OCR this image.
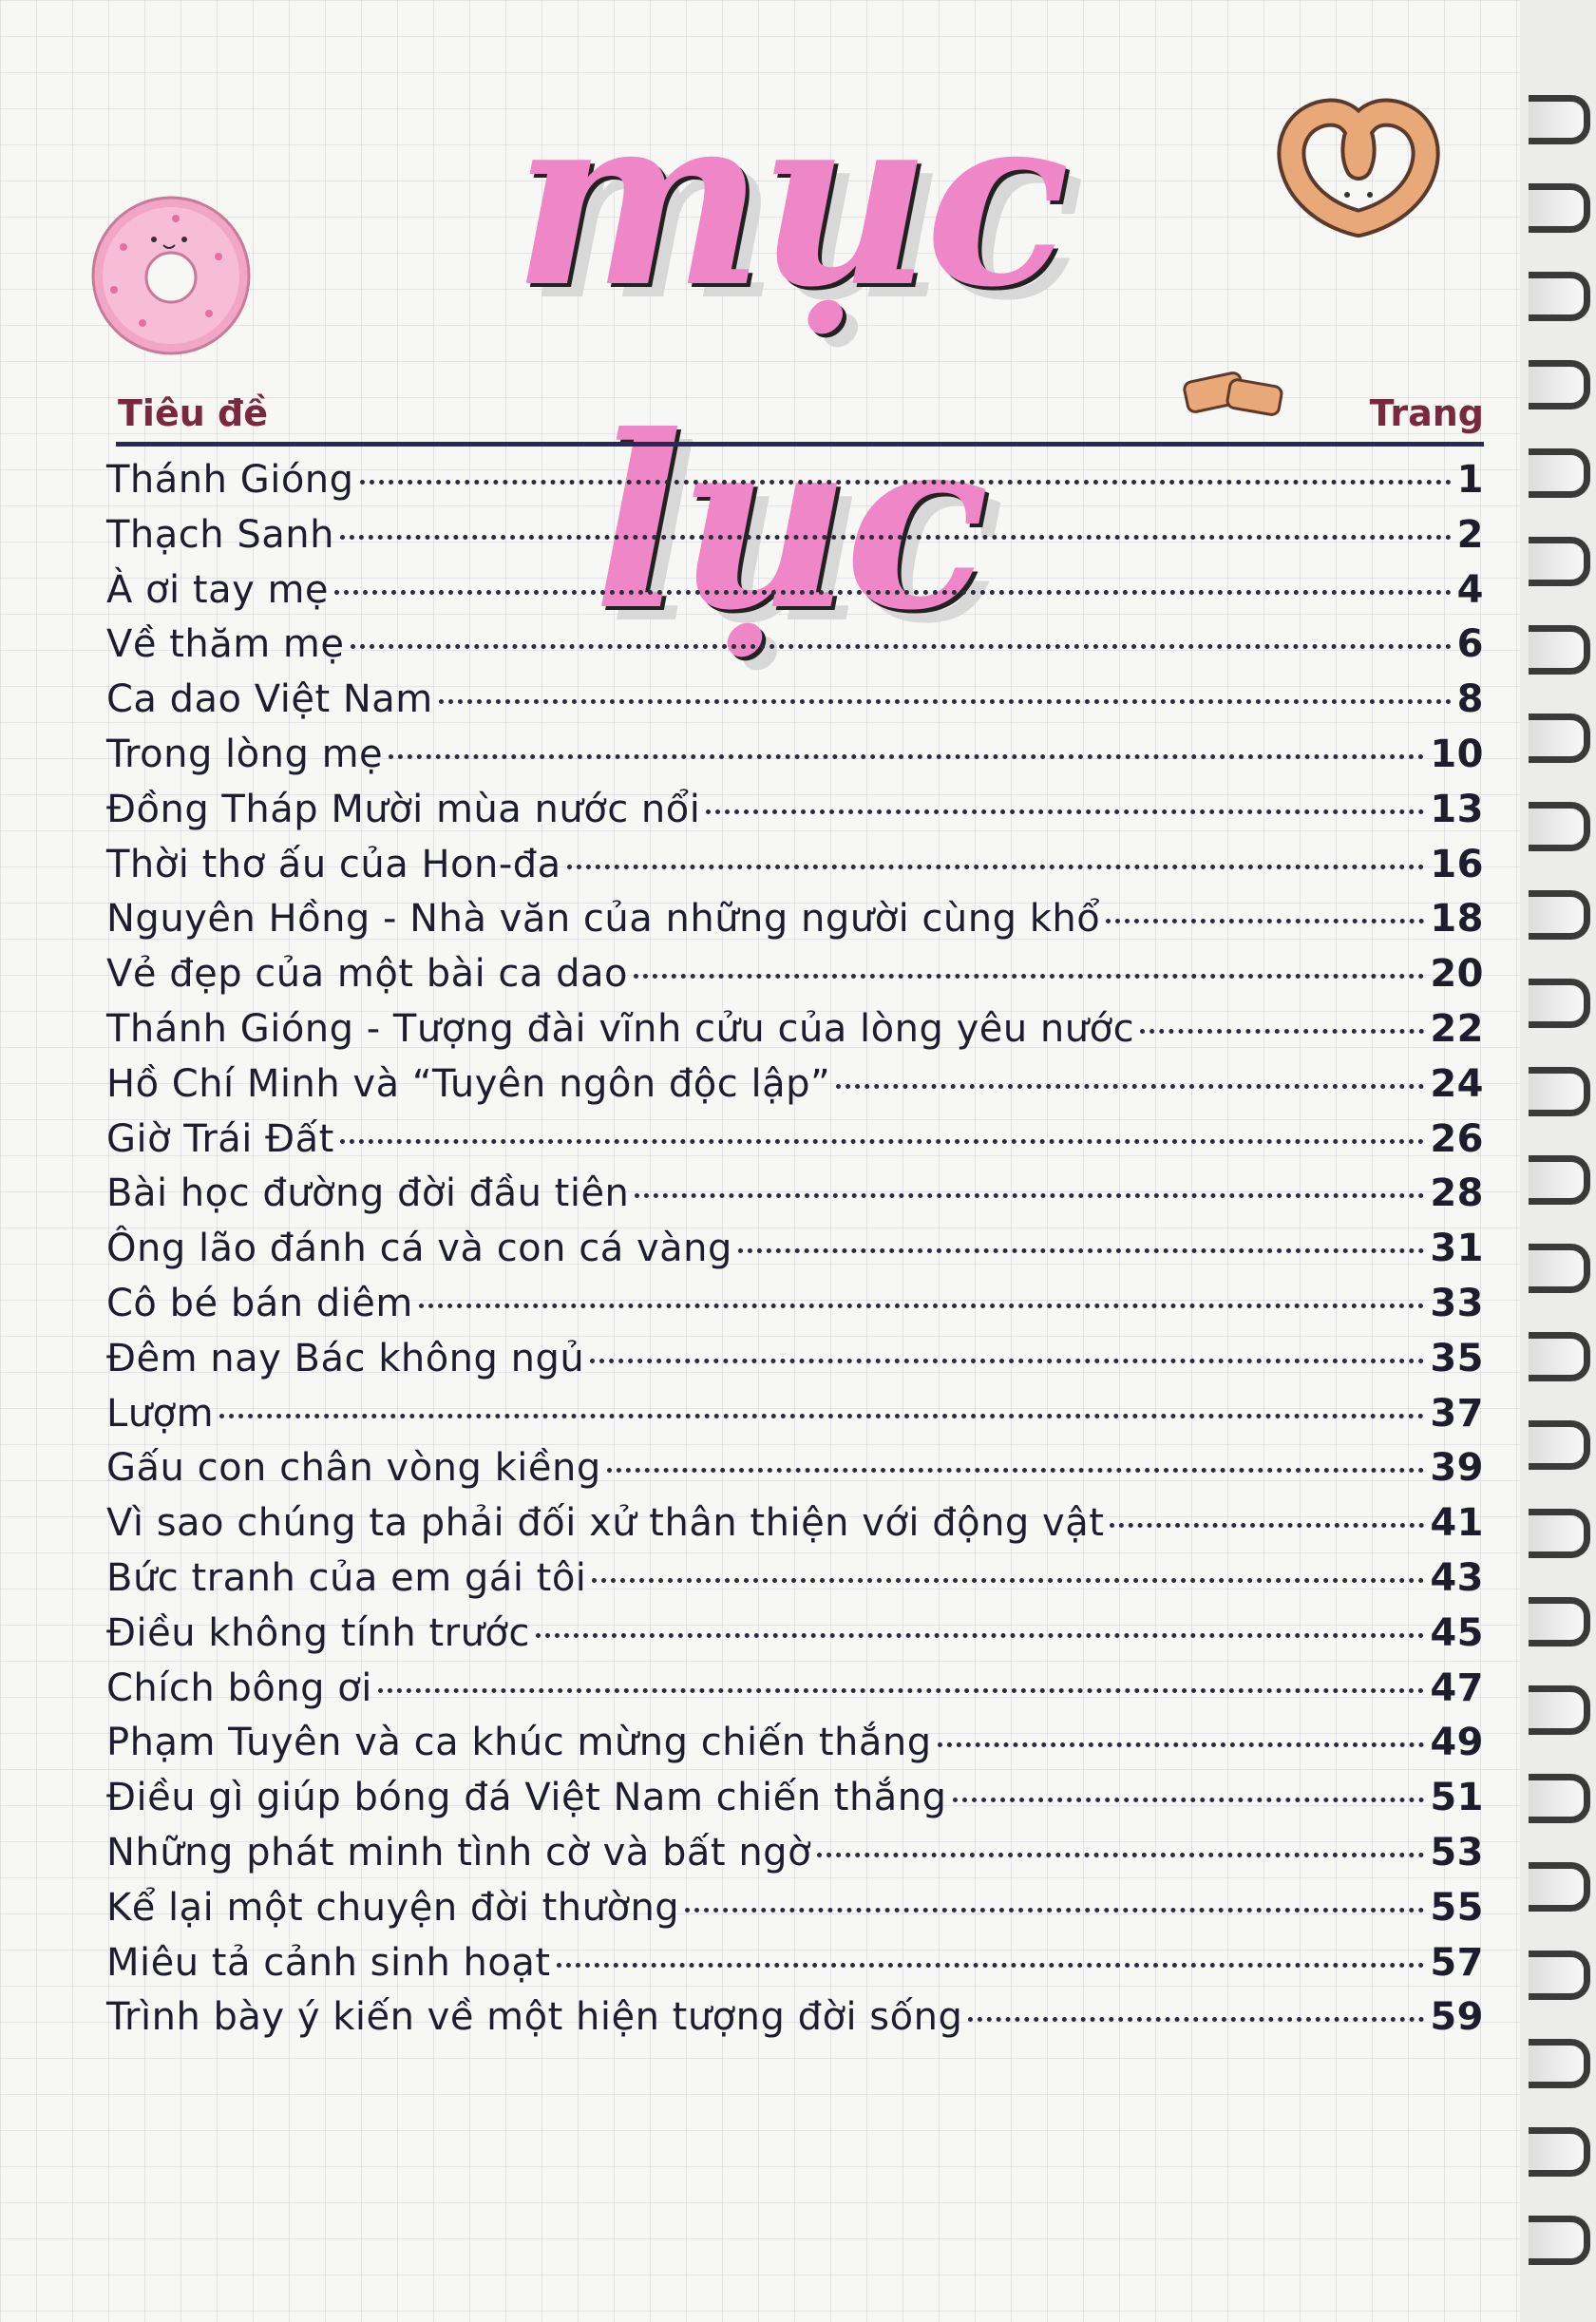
mục lục
Tiêu đề	Trang
Thánh Gióng	1
Thạch Sanh	2
À ơi tay mẹ	4
Về thăm mẹ	6
Ca dao Việt Nam	8
Trong lòng mẹ	10
Đồng Tháp Mười mùa nước nổi	13
Thời thơ ấu của Hon-đa	16
Nguyên Hồng - Nhà văn của những người cùng khổ	18
Vẻ đẹp của một bài ca dao	20
Thánh Gióng - Tượng đài vĩnh cửu của lòng yêu nước	22
Hồ Chí Minh và “Tuyên ngôn độc lập”	24
Giờ Trái Đất	26
Bài học đường đời đầu tiên	28
Ông lão đánh cá và con cá vàng	31
Cô bé bán diêm	33
Đêm nay Bác không ngủ	35
Lượm	37
Gấu con chân vòng kiềng	39
Vì sao chúng ta phải đối xử thân thiện với động vật	41
Bức tranh của em gái tôi	43
Điều không tính trước	45
Chích bông ơi	47
Phạm Tuyên và ca khúc mừng chiến thắng	49
Điều gì giúp bóng đá Việt Nam chiến thắng	51
Những phát minh tình cờ và bất ngờ	53
Kể lại một chuyện đời thường	55
Miêu tả cảnh sinh hoạt	57
Trình bày ý kiến về một hiện tượng đời sống	59
